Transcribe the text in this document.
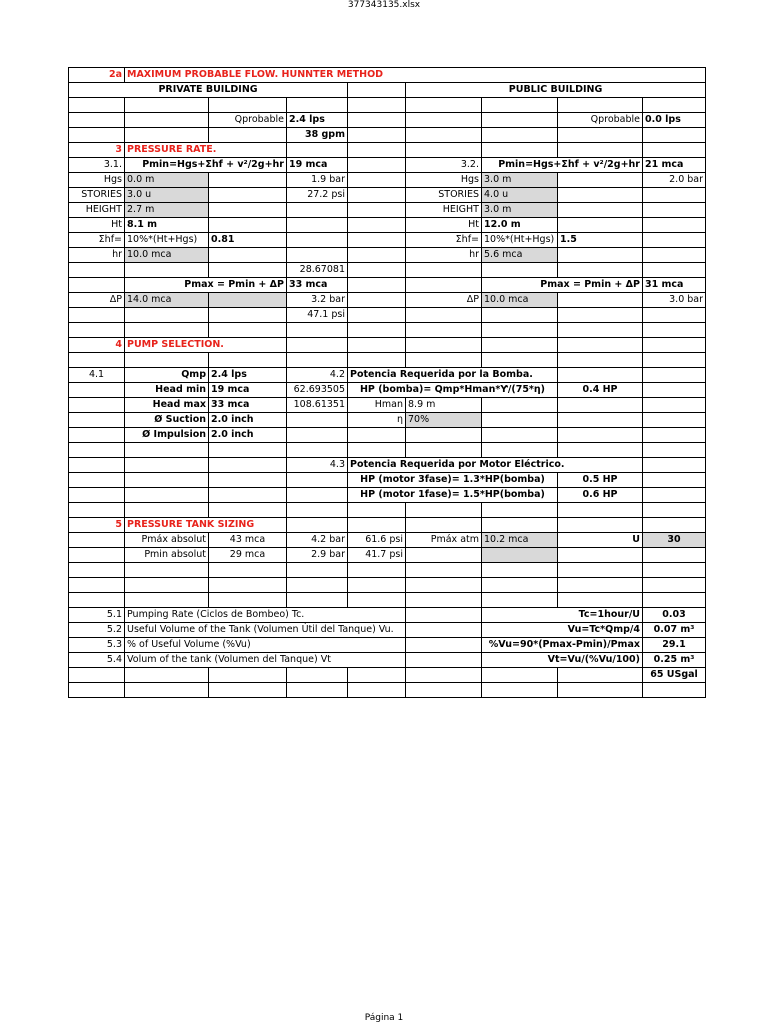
377343135.xlsx
2a	MAXIMUM PROBABLE FLOW. HUNNTER METHOD							
PRIVATE BUILDING					PUBLIC BUILDING			

		Qprobable	2.4 lps				Qprobable	0.0 lps
			38 gpm					
3	PRESSURE RATE.							
3.1.	Pmin=Hgs+Σhf + v²/2g+hr		19 mca		3.2.	Pmin=Hgs+Σhf + v²/2g+hr		21 mca
Hgs	0.0 m		1.9 bar		Hgs	3.0 m		2.0 bar
STORIES	3.0 u		27.2 psi		STORIES	4.0 u		
HEIGHT	2.7 m				HEIGHT	3.0 m		
Ht	8.1 m				Ht	12.0 m		
Σhf=	10%*(Ht+Hgs)	0.81			Σhf=	10%*(Ht+Hgs)	1.5	
hr	10.0 mca				hr	5.6 mca		
			28.67081					
	Pmax = Pmin + ΔP		33 mca			Pmax = Pmin + ΔP		31 mca
ΔP	14.0 mca		3.2 bar		ΔP	10.0 mca		3.0 bar
			47.1 psi					

4	PUMP SELECTION.							

4.1	Qmp	2.4 lps	4.2	Potencia Requerida por la Bomba.				
	Head min	19 mca	62.693505	HP (bomba)= Qmp*Hman*Ƴ/(75*η)			0.4 HP	
	Head max	33 mca	108.61351	Hman	8.9 m			
	Ø Suction	2.0 inch		η	70%			
	Ø Impulsion	2.0 inch						

			4.3	Potencia Requerida por Motor Eléctrico.				
				HP (motor 3fase)= 1.3*HP(bomba)			0.5 HP	
				HP (motor 1fase)= 1.5*HP(bomba)			0.6 HP	

5	PRESSURE TANK SIZING							
	Pmáx absolut	43 mca	4.2 bar	61.6 psi	Pmáx atm	10.2 mca	U	30
	Pmin absolut	29 mca	2.9 bar	41.7 psi				

5.1	Pumping Rate (Ciclos de Bombeo) Tc.					Tc=1hour/U		0.03
5.2	Useful Volume of the Tank (Volumen Útil del Tanque) Vu.					Vu=Tc*Qmp/4		0.07 m³
5.3	% of Useful Volume (%Vu)					%Vu=90*(Pmax-Pmin)/Pmax		29.1
5.4	Volum of the tank (Volumen del Tanque) Vt					Vt=Vu/(%Vu/100)		0.25 m³
								65 USgal

Página 1
